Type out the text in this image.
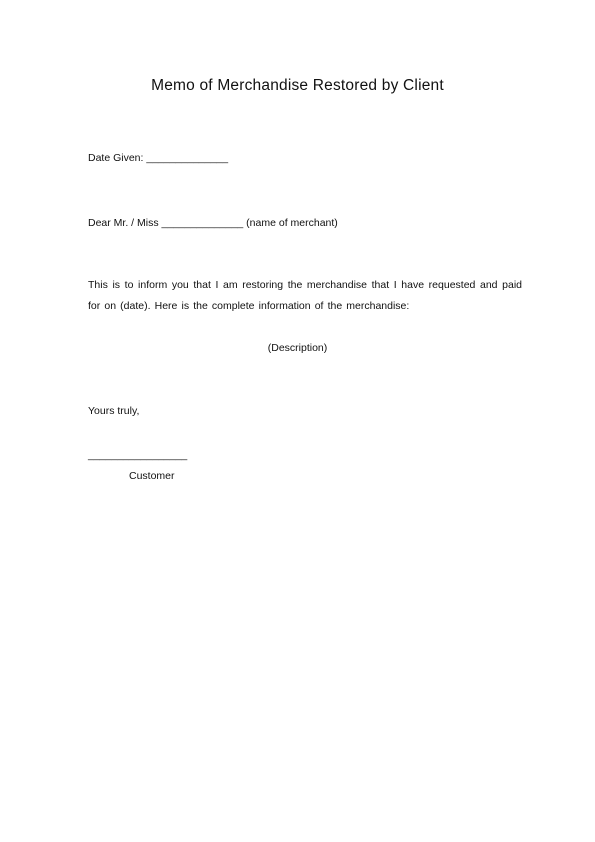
Memo of Merchandise Restored by Client
Date Given: ______________
Dear Mr. / Miss ______________ (name of merchant)
This is to inform you that I am restoring the merchandise that I have requested and paid for on (date). Here is the complete information of the merchandise:
(Description)
Yours truly,
_________________
Customer
